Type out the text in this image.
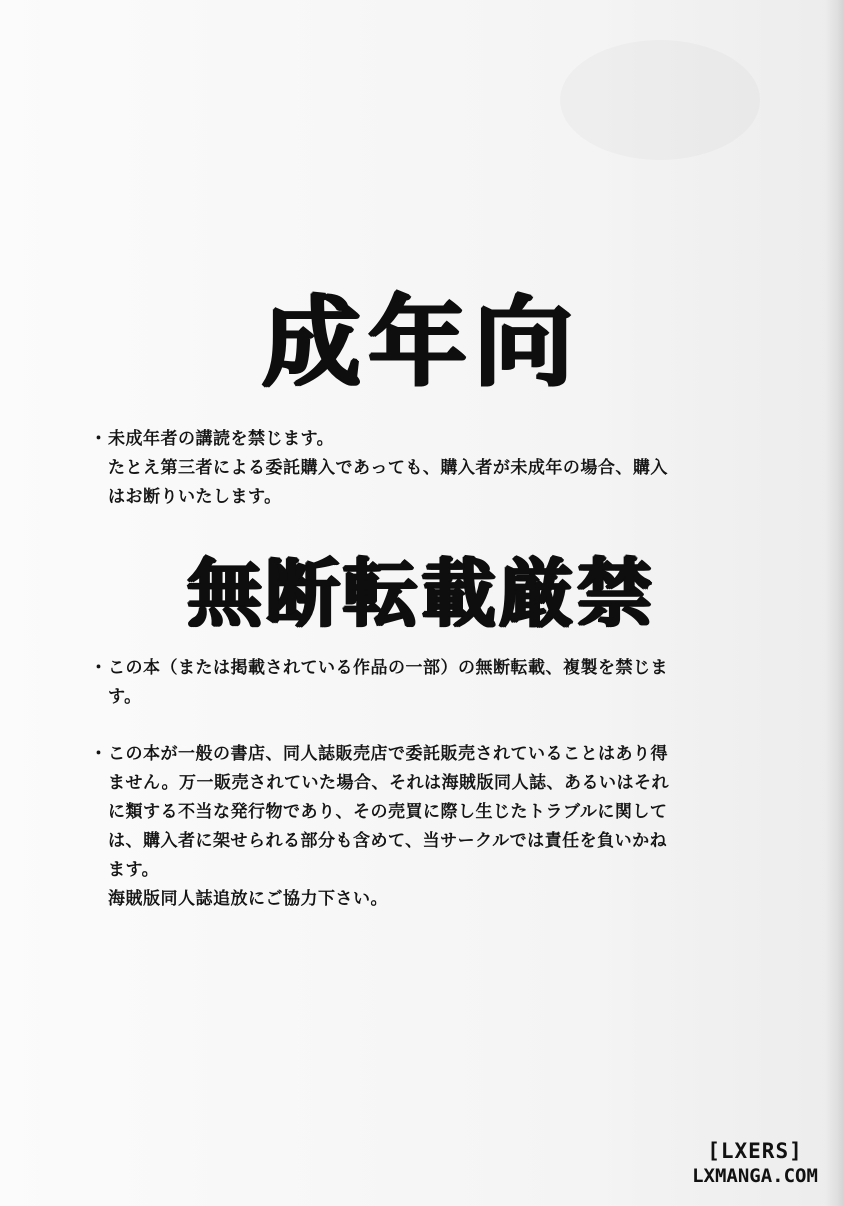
成年向
・未成年者の講読を禁じます。
たとえ第三者による委託購入であっても、購入者が未成年の場合、購入
はお断りいたします。
無断転載厳禁
・この本（または掲載されている作品の一部）の無断転載、複製を禁じま
す。
・この本が一般の書店、同人誌販売店で委託販売されていることはあり得
ません。万一販売されていた場合、それは海賊版同人誌、あるいはそれ
に類する不当な発行物であり、その売買に際し生じたトラブルに関して
は、購入者に架せられる部分も含めて、当サークルでは責任を負いかね
ます。
海賊版同人誌追放にご協力下さい。
[LXERS]
LXMANGA.COM
